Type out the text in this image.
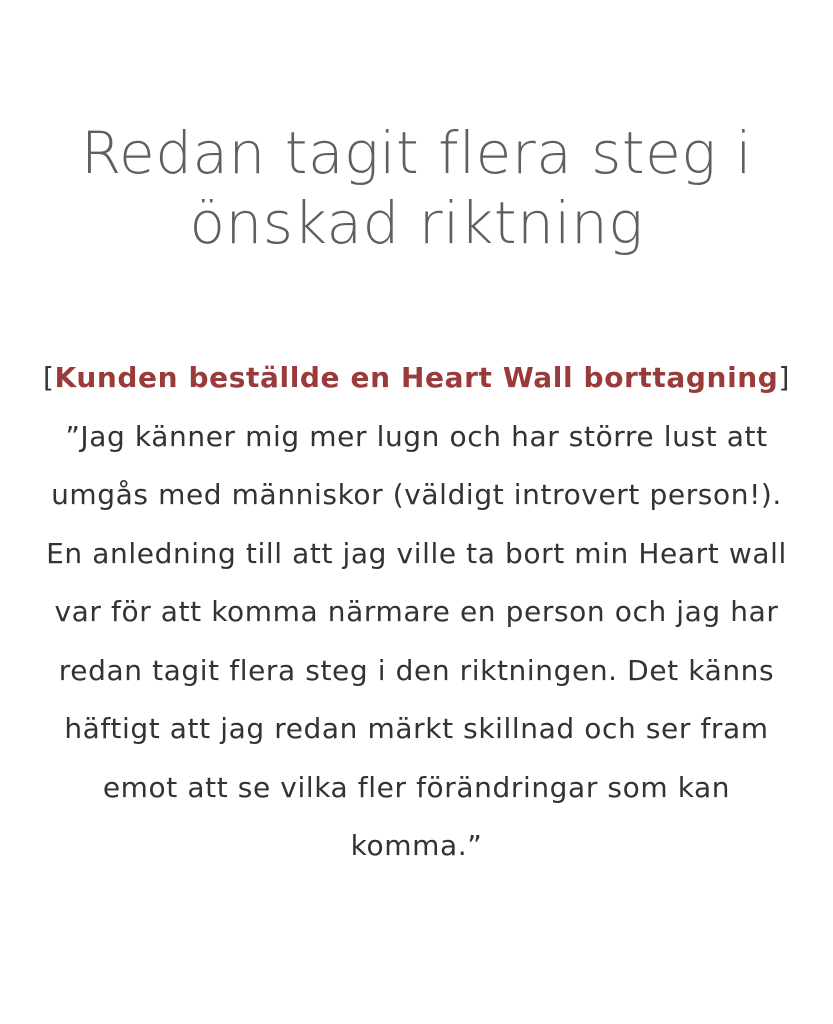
Redan tagit flera steg i
önskad riktning

[Kunden beställde en Heart Wall borttagning] ”Jag känner mig mer lugn och har större lust att umgås med människor (väldigt introvert person!). En anledning till att jag ville ta bort min Heart wall var för att komma närmare en person och jag har redan tagit flera steg i den riktningen. Det känns häftigt att jag redan märkt skillnad och ser fram emot att se vilka fler förändringar som kan komma.”
